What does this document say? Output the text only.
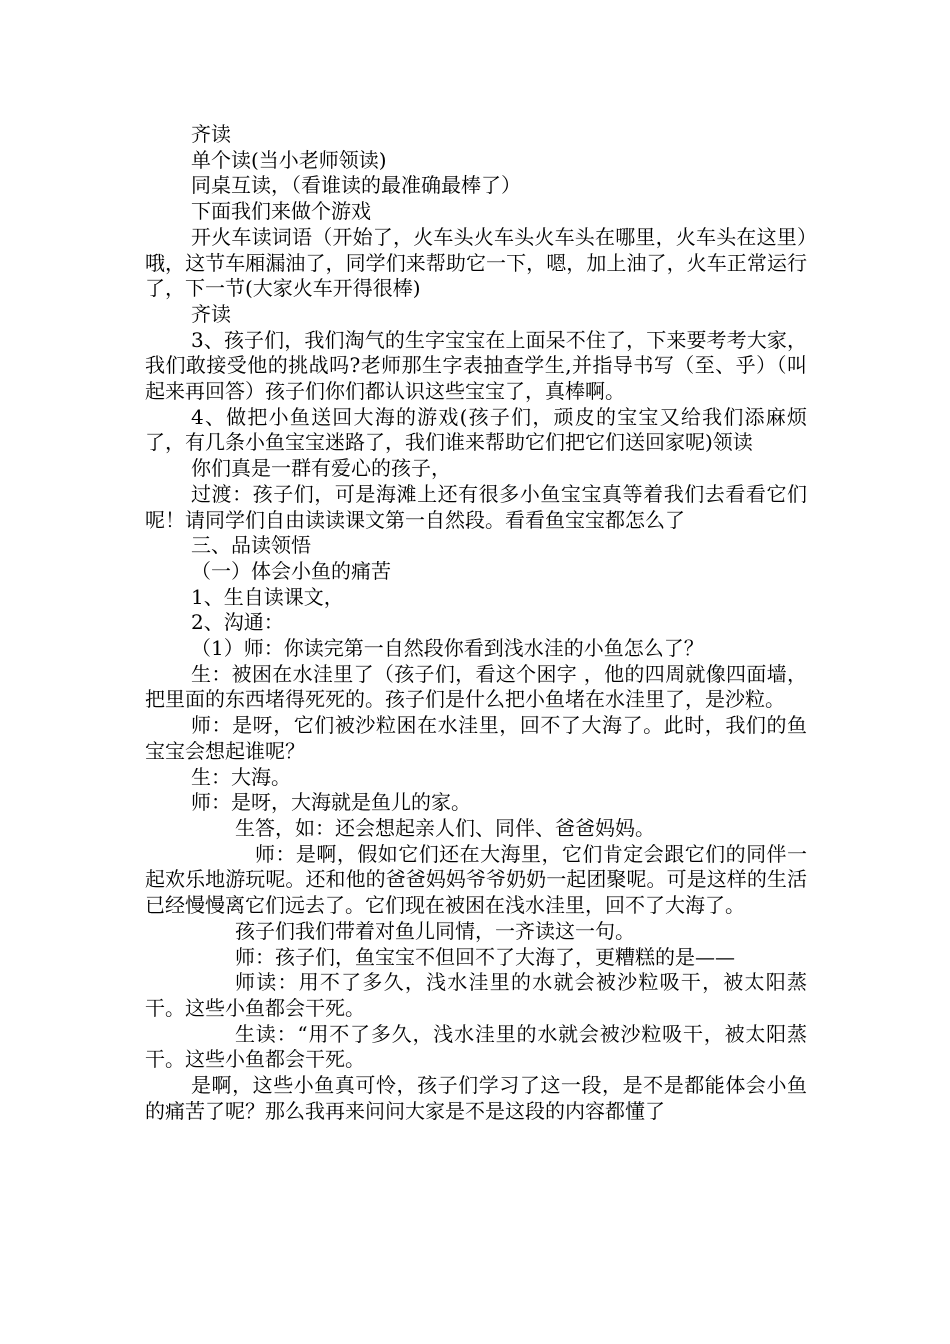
齐读

单个读(当小老师领读)

同桌互读，（看谁读的最准确最棒了）

下面我们来做个游戏

开火车读词语（开始了，火车头火车头火车头在哪里，火车头在这里）哦，这节车厢漏油了，同学们来帮助它一下，嗯，加上油了，火车正常运行了，下一节(大家火车开得很棒)

齐读

3、孩子们，我们淘气的生字宝宝在上面呆不住了，下来要考考大家，我们敢接受他的挑战吗?老师那生字表抽查学生,并指导书写（至、乎）（叫起来再回答）孩子们你们都认识这些宝宝了，真棒啊。

4、做把小鱼送回大海的游戏(孩子们，顽皮的宝宝又给我们添麻烦了，有几条小鱼宝宝迷路了，我们谁来帮助它们把它们送回家呢)领读

你们真是一群有爱心的孩子，

过渡：孩子们，可是海滩上还有很多小鱼宝宝真等着我们去看看它们呢！请同学们自由读读课文第一自然段。看看鱼宝宝都怎么了

三、品读领悟

（一）体会小鱼的痛苦

1、生自读课文，

2、沟通：

（1）师：你读完第一自然段你看到浅水洼的小鱼怎么了？

生：被困在水洼里了（孩子们，看这个困字 ，他的四周就像四面墙，把里面的东西堵得死死的。孩子们是什么把小鱼堵在水洼里了，是沙粒。

师：是呀，它们被沙粒困在水洼里，回不了大海了。此时，我们的鱼宝宝会想起谁呢？

生：大海。

师：是呀，大海就是鱼儿的家。

生答，如：还会想起亲人们、同伴、爸爸妈妈。

师：是啊，假如它们还在大海里，它们肯定会跟它们的同伴一起欢乐地游玩呢。还和他的爸爸妈妈爷爷奶奶一起团聚呢。可是这样的生活已经慢慢离它们远去了。它们现在被困在浅水洼里，回不了大海了。

孩子们我们带着对鱼儿同情，一齐读这一句。

师：孩子们，鱼宝宝不但回不了大海了，更糟糕的是——

师读：用不了多久，浅水洼里的水就会被沙粒吸干，被太阳蒸干。这些小鱼都会干死。

生读：“用不了多久，浅水洼里的水就会被沙粒吸干，被太阳蒸干。这些小鱼都会干死。

是啊，这些小鱼真可怜，孩子们学习了这一段，是不是都能体会小鱼的痛苦了呢？那么我再来问问大家是不是这段的内容都懂了
